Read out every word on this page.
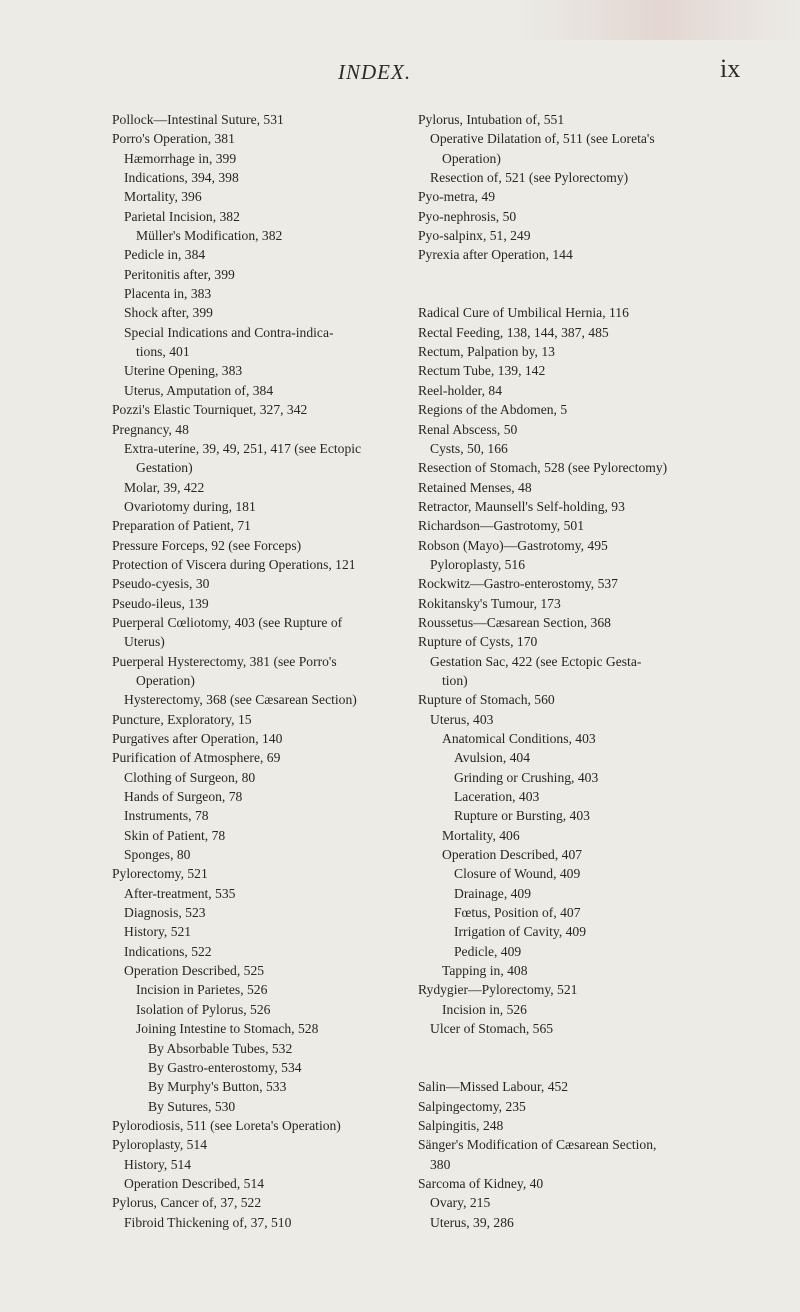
INDEX.	ix
Pollock—Intestinal Suture, 531
Porro's Operation, 381
Hæmorrhage in, 399
Indications, 394, 398
Mortality, 396
Parietal Incision, 382
Müller's Modification, 382
Pedicle in, 384
Peritonitis after, 399
Placenta in, 383
Shock after, 399
Special Indications and Contra-indica-
tions, 401
Uterine Opening, 383
Uterus, Amputation of, 384
Pozzi's Elastic Tourniquet, 327, 342
Pregnancy, 48
Extra-uterine, 39, 49, 251, 417 (see Ectopic
Gestation)
Molar, 39, 422
Ovariotomy during, 181
Preparation of Patient, 71
Pressure Forceps, 92 (see Forceps)
Protection of Viscera during Operations, 121
Pseudo-cyesis, 30
Pseudo-ileus, 139
Puerperal Cœliotomy, 403 (see Rupture of
Uterus)
Puerperal Hysterectomy, 381 (see Porro's
Operation)
Hysterectomy, 368 (see Cæsarean Section)
Puncture, Exploratory, 15
Purgatives after Operation, 140
Purification of Atmosphere, 69
Clothing of Surgeon, 80
Hands of Surgeon, 78
Instruments, 78
Skin of Patient, 78
Sponges, 80
Pylorectomy, 521
After-treatment, 535
Diagnosis, 523
History, 521
Indications, 522
Operation Described, 525
Incision in Parietes, 526
Isolation of Pylorus, 526
Joining Intestine to Stomach, 528
By Absorbable Tubes, 532
By Gastro-enterostomy, 534
By Murphy's Button, 533
By Sutures, 530
Pylorodiosis, 511 (see Loreta's Operation)
Pyloroplasty, 514
History, 514
Operation Described, 514
Pylorus, Cancer of, 37, 522
Fibroid Thickening of, 37, 510
Pylorus, Intubation of, 551
Operative Dilatation of, 511 (see Loreta's
Operation)
Resection of, 521 (see Pylorectomy)
Pyo-metra, 49
Pyo-nephrosis, 50
Pyo-salpinx, 51, 249
Pyrexia after Operation, 144
Radical Cure of Umbilical Hernia, 116
Rectal Feeding, 138, 144, 387, 485
Rectum, Palpation by, 13
Rectum Tube, 139, 142
Reel-holder, 84
Regions of the Abdomen, 5
Renal Abscess, 50
Cysts, 50, 166
Resection of Stomach, 528 (see Pylorectomy)
Retained Menses, 48
Retractor, Maunsell's Self-holding, 93
Richardson—Gastrotomy, 501
Robson (Mayo)—Gastrotomy, 495
Pyloroplasty, 516
Rockwitz—Gastro-enterostomy, 537
Rokitansky's Tumour, 173
Roussetus—Cæsarean Section, 368
Rupture of Cysts, 170
Gestation Sac, 422 (see Ectopic Gesta-
tion)
Rupture of Stomach, 560
Uterus, 403
Anatomical Conditions, 403
Avulsion, 404
Grinding or Crushing, 403
Laceration, 403
Rupture or Bursting, 403
Mortality, 406
Operation Described, 407
Closure of Wound, 409
Drainage, 409
Fœtus, Position of, 407
Irrigation of Cavity, 409
Pedicle, 409
Tapping in, 408
Rydygier—Pylorectomy, 521
Incision in, 526
Ulcer of Stomach, 565
Salin—Missed Labour, 452
Salpingectomy, 235
Salpingitis, 248
Sänger's Modification of Cæsarean Section,
380
Sarcoma of Kidney, 40
Ovary, 215
Uterus, 39, 286
